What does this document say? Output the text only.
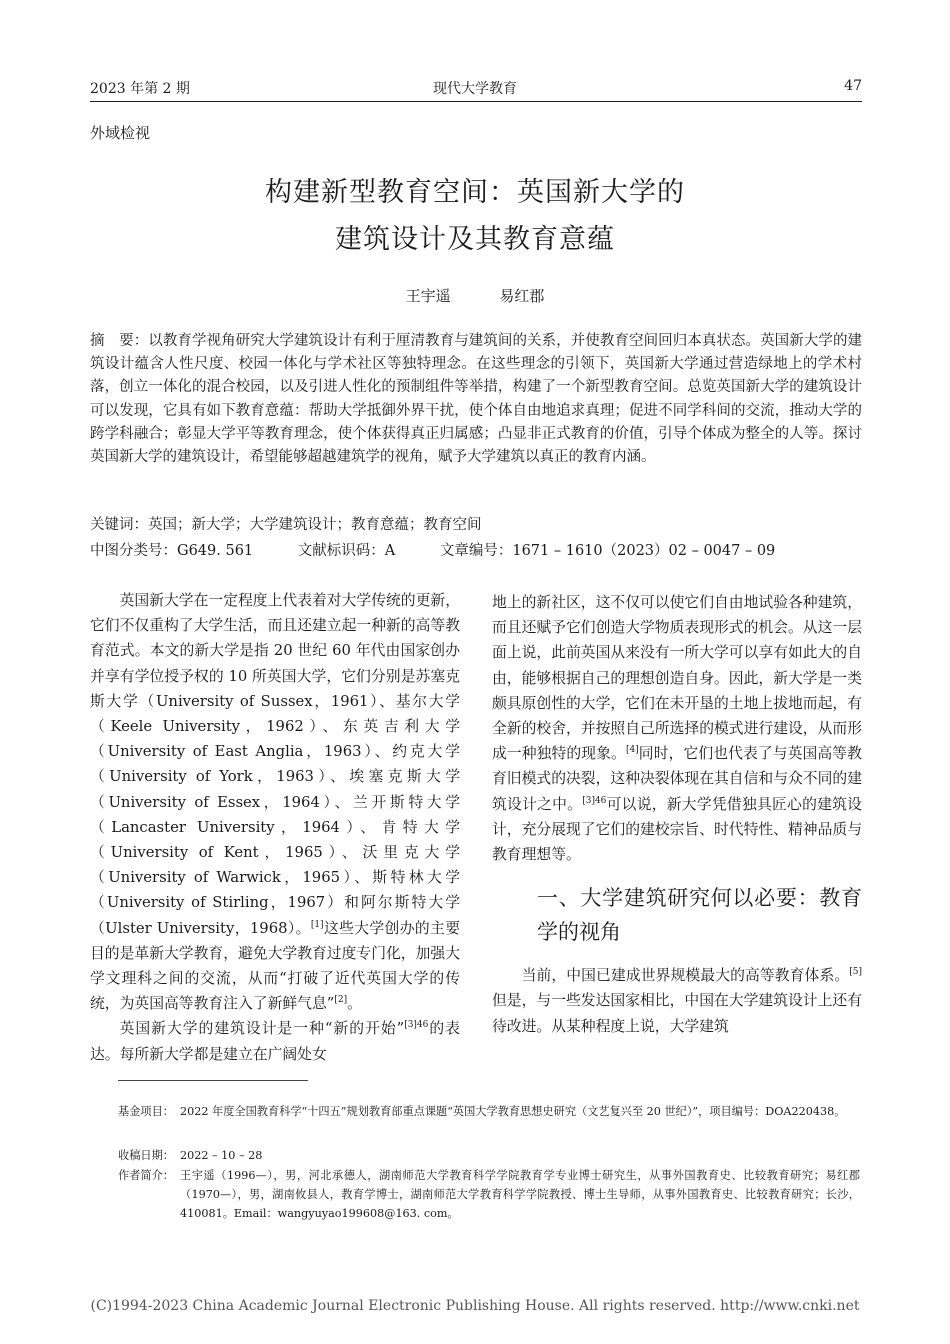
2023 年第 2 期	现代大学教育	47
外域检视
构建新型教育空间：英国新大学的
建筑设计及其教育意蕴
王宇遥	易红郡
摘　要：以教育学视角研究大学建筑设计有利于厘清教育与建筑间的关系，并使教育空间回归本真状态。英国新大学的建筑设计蕴含人性尺度、校园一体化与学术社区等独特理念。在这些理念的引领下，英国新大学通过营造绿地上的学术村落，创立一体化的混合校园，以及引进人性化的预制组件等举措，构建了一个新型教育空间。总览英国新大学的建筑设计可以发现，它具有如下教育意蕴：帮助大学抵御外界干扰，使个体自由地追求真理；促进不同学科间的交流，推动大学的跨学科融合；彰显大学平等教育理念，使个体获得真正归属感；凸显非正式教育的价值，引导个体成为整全的人等。探讨英国新大学的建筑设计，希望能够超越建筑学的视角，赋予大学建筑以真正的教育内涵。
关键词：英国；新大学；大学建筑设计；教育意蕴；教育空间
中图分类号：G649. 561	文献标识码：A	文章编号：1671 – 1610（2023）02 – 0047 – 09

英国新大学在一定程度上代表着对大学传统的更新，它们不仅重构了大学生活，而且还建立起一种新的高等教育范式。本文的新大学是指 20 世纪 60 年代由国家创办并享有学位授予权的 10 所英国大学，它们分别是苏塞克斯大学（University of Sussex，1961）、基尔大学（Keele University，1962）、东英吉利大学（University of East Anglia，1963）、约克大学（University of York，1963）、埃塞克斯大学（University of Essex，1964）、兰开斯特大学（Lancaster University，1964）、肯特大学（University of Kent，1965）、沃里克大学（University of Warwick，1965）、斯特林大学（University of Stirling，1967）和阿尔斯特大学（Ulster University，1968）。[1]这些大学创办的主要目的是革新大学教育，避免大学教育过度专门化，加强大学文理科之间的交流，从而“打破了近代英国大学的传统，为英国高等教育注入了新鲜气息”[2]。

英国新大学的建筑设计是一种“新的开始”$^{[3]46}$的表达。每所新大学都是建立在广阔处女

地上的新社区，这不仅可以使它们自由地试验各种建筑，而且还赋予它们创造大学物质表现形式的机会。从这一层面上说，此前英国从来没有一所大学可以享有如此大的自由，能够根据自己的理想创造自身。因此，新大学是一类颇具原创性的大学，它们在未开垦的土地上拔地而起，有全新的校舍，并按照自己所选择的模式进行建设，从而形成一种独特的现象。[4]同时，它们也代表了与英国高等教育旧模式的决裂，这种决裂体现在其自信和与众不同的建筑设计之中。$^{[3]46}$可以说，新大学凭借独具匠心的建筑设计，充分展现了它们的建校宗旨、时代特性、精神品质与教育理想等。

一、大学建筑研究何以必要：教育学的视角

当前，中国已建成世界规模最大的高等教育体系。[5]但是，与一些发达国家相比，中国在大学建筑设计上还有待改进。从某种程度上说，大学建筑

基金项目： 2022 年度全国教育科学“十四五”规划教育部重点课题“英国大学教育思想史研究（文艺复兴至 20 世纪）”，项目编号：DOA220438。
收稿日期： 2022 – 10 – 28
作者简介： 王宇遥（1996—），男，河北承德人，湖南师范大学教育科学学院教育学专业博士研究生，从事外国教育史、比较教育研究；易红郡（1970—），男，湖南攸县人，教育学博士，湖南师范大学教育科学学院教授、博士生导师，从事外国教育史、比较教育研究；长沙，410081。Email：wangyuyao199608@163. com。
(C)1994-2023 China Academic Journal Electronic Publishing House. All rights reserved. http://www.cnki.net
